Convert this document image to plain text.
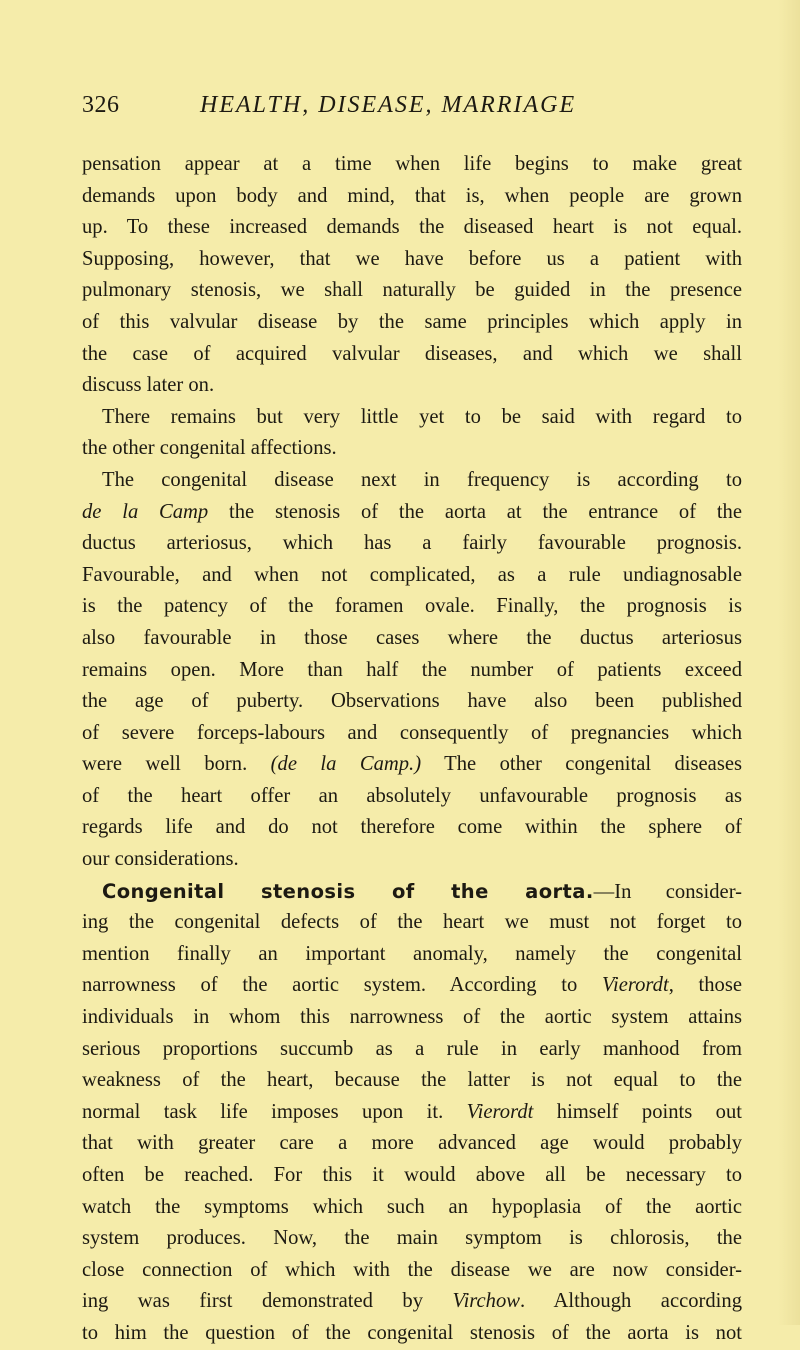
326	HEALTH, DISEASE, MARRIAGE
pensation appear at a time when life begins to make great
demands upon body and mind, that is, when people are grown
up. To these increased demands the diseased heart is not equal.
Supposing, however, that we have before us a patient with
pulmonary stenosis, we shall naturally be guided in the presence
of this valvular disease by the same principles which apply in
the case of acquired valvular diseases, and which we shall
discuss later on.
There remains but very little yet to be said with regard to
the other congenital affections.
The congenital disease next in frequency is according to
de la Camp the stenosis of the aorta at the entrance of the
ductus arteriosus, which has a fairly favourable prognosis.
Favourable, and when not complicated, as a rule undiagnosable
is the patency of the foramen ovale. Finally, the prognosis is
also favourable in those cases where the ductus arteriosus
remains open. More than half the number of patients exceed
the age of puberty. Observations have also been published
of severe forceps-labours and consequently of pregnancies which
were well born. (de la Camp.) The other congenital diseases
of the heart offer an absolutely unfavourable prognosis as
regards life and do not therefore come within the sphere of
our considerations.
Congenital stenosis of the aorta.—In consider-
ing the congenital defects of the heart we must not forget to
mention finally an important anomaly, namely the congenital
narrowness of the aortic system. According to Vierordt, those
individuals in whom this narrowness of the aortic system attains
serious proportions succumb as a rule in early manhood from
weakness of the heart, because the latter is not equal to the
normal task life imposes upon it. Vierordt himself points out
that with greater care a more advanced age would probably
often be reached. For this it would above all be necessary to
watch the symptoms which such an hypoplasia of the aortic
system produces. Now, the main symptom is chlorosis, the
close connection of which with the disease we are now consider-
ing was first demonstrated by Virchow. Although according
to him the question of the congenital stenosis of the aorta is not
